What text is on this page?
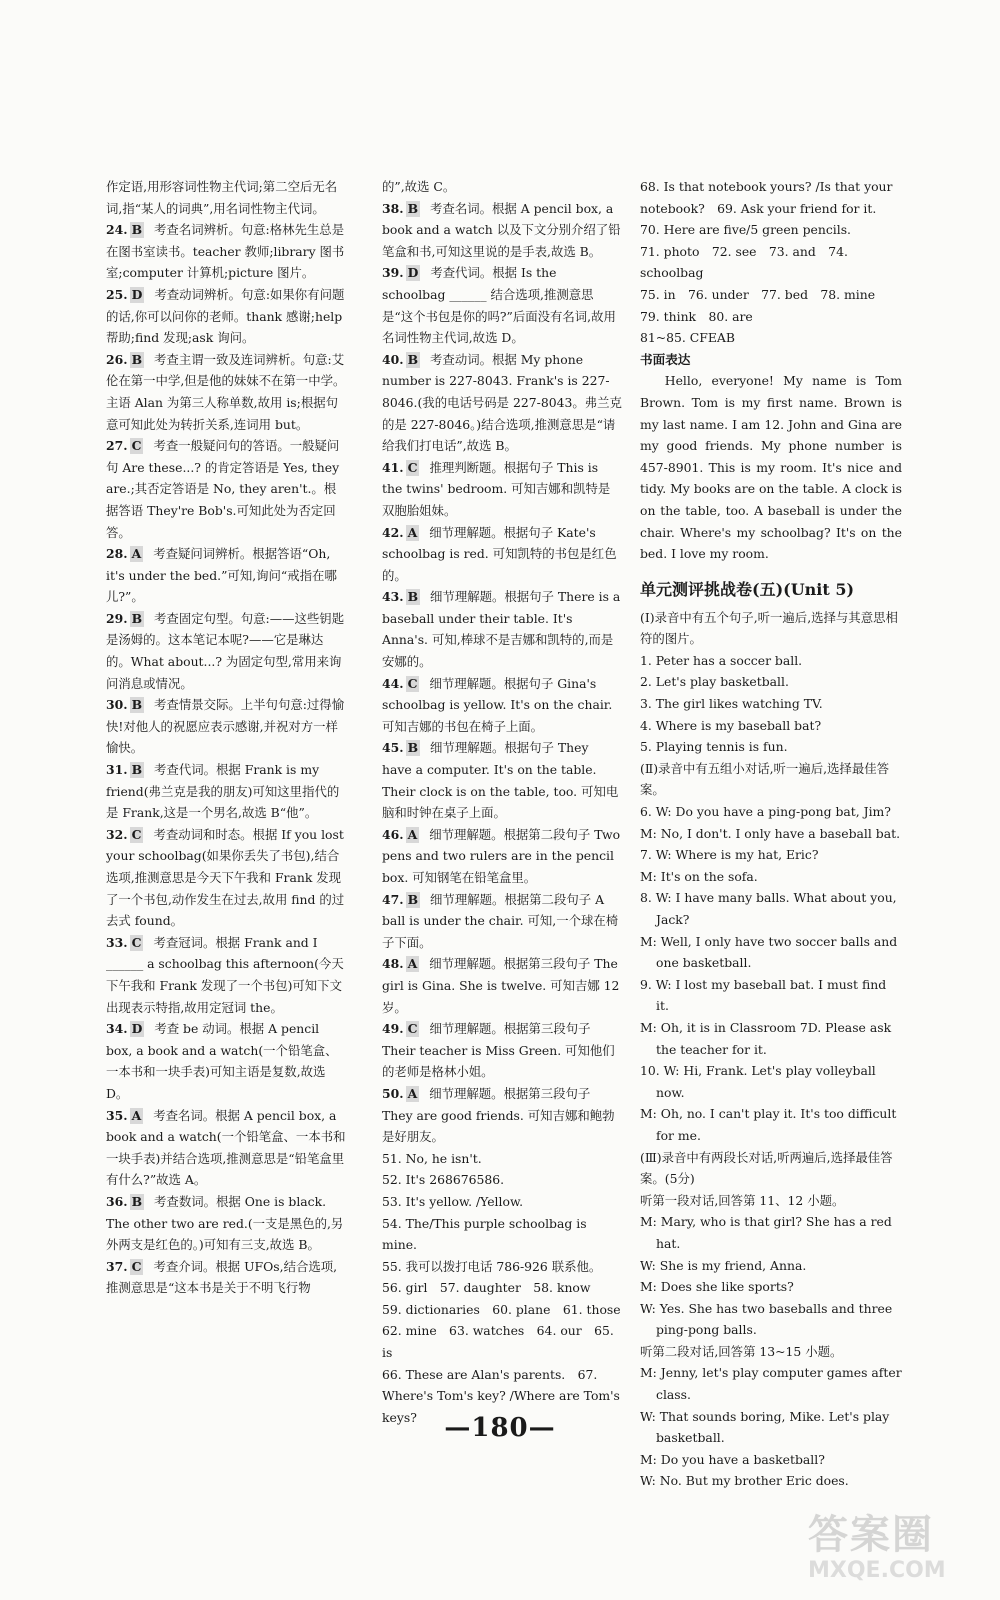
作定语,用形容词性物主代词;第二空后无名词,指“某人的词典”,用名词性物主代词。

24. B 考查名词辨析。句意:格林先生总是在图书室读书。teacher 教师;library 图书室;computer 计算机;picture 图片。
25. D 考查动词辨析。句意:如果你有问题的话,你可以问你的老师。thank 感谢;help 帮助;find 发现;ask 询问。
26. B 考查主谓一致及连词辨析。句意:艾伦在第一中学,但是他的妹妹不在第一中学。主语 Alan 为第三人称单数,故用 is;根据句意可知此处为转折关系,连词用 but。
27. C 考查一般疑问句的答语。一般疑问句 Are these...? 的肯定答语是 Yes, they are.;其否定答语是 No, they aren't.。根据答语 They're Bob's.可知此处为否定回答。
28. A 考查疑问词辨析。根据答语“Oh, it's under the bed.”可知,询问“戒指在哪儿?”。
29. B 考查固定句型。句意:——这些钥匙是汤姆的。这本笔记本呢?——它是琳达的。What about...? 为固定句型,常用来询问消息或情况。
30. B 考查情景交际。上半句句意:过得愉快!对他人的祝愿应表示感谢,并祝对方一样愉快。
31. B 考查代词。根据 Frank is my friend(弗兰克是我的朋友)可知这里指代的是 Frank,这是一个男名,故选 B“他”。
32. C 考查动词和时态。根据 If you lost your schoolbag(如果你丢失了书包),结合选项,推测意思是今天下午我和 Frank 发现了一个书包,动作发生在过去,故用 find 的过去式 found。
33. C 考查冠词。根据 Frank and I ______ a schoolbag this afternoon(今天下午我和 Frank 发现了一个书包)可知下文出现表示特指,故用定冠词 the。
34. D 考查 be 动词。根据 A pencil box, a book and a watch(一个铅笔盒、一本书和一块手表)可知主语是复数,故选 D。
35. A 考查名词。根据 A pencil box, a book and a watch(一个铅笔盒、一本书和一块手表)并结合选项,推测意思是“铅笔盒里有什么?”故选 A。
36. B 考查数词。根据 One is black. The other two are red.(一支是黑色的,另外两支是红色的。)可知有三支,故选 B。
37. C 考查介词。根据 UFOs,结合选项,推测意思是“这本书是关于不明飞行物

的”,故选 C。

38. B 考查名词。根据 A pencil box, a book and a watch 以及下文分别介绍了铅笔盒和书,可知这里说的是手表,故选 B。
39. D 考查代词。根据 Is the schoolbag ______ 结合选项,推测意思是“这个书包是你的吗?”后面没有名词,故用名词性物主代词,故选 D。
40. B 考查动词。根据 My phone number is 227-8043. Frank's is 227-8046.(我的电话号码是 227-8043。弗兰克的是 227-8046。)结合选项,推测意思是“请给我们打电话”,故选 B。
41. C 推理判断题。根据句子 This is the twins' bedroom. 可知吉娜和凯特是双胞胎姐妹。
42. A 细节理解题。根据句子 Kate's schoolbag is red. 可知凯特的书包是红色的。
43. B 细节理解题。根据句子 There is a baseball under their table. It's Anna's. 可知,棒球不是吉娜和凯特的,而是安娜的。
44. C 细节理解题。根据句子 Gina's schoolbag is yellow. It's on the chair. 可知吉娜的书包在椅子上面。
45. B 细节理解题。根据句子 They have a computer. It's on the table. Their clock is on the table, too. 可知电脑和时钟在桌子上面。
46. A 细节理解题。根据第二段句子 Two pens and two rulers are in the pencil box. 可知钢笔在铅笔盒里。
47. B 细节理解题。根据第二段句子 A ball is under the chair. 可知,一个球在椅子下面。
48. A 细节理解题。根据第三段句子 The girl is Gina. She is twelve. 可知吉娜 12 岁。
49. C 细节理解题。根据第三段句子 Their teacher is Miss Green. 可知他们的老师是格林小姐。
50. A 细节理解题。根据第三段句子 They are good friends. 可知吉娜和鲍勃是好朋友。
51. No, he isn't.
52. It's 268676586.
53. It's yellow. /Yellow.
54. The/This purple schoolbag is mine.
55. 我可以拨打电话 786-926 联系他。
56. girl　57. daughter　58. know
59. dictionaries　60. plane　61. those
62. mine　63. watches　64. our　65. is
66. These are Alan's parents.　67. Where's Tom's key? /Where are Tom's keys?
68. Is that notebook yours? /Is that your notebook?　69. Ask your friend for it.
70. Here are five/5 green pencils.
71. photo　72. see　73. and　74. schoolbag
75. in　76. under　77. bed　78. mine
79. think　80. are
81~85. CFEAB
书面表达

Hello, everyone! My name is Tom Brown. Tom is my first name. Brown is my last name. I am 12. John and Gina are my good friends. My phone number is 457-8901. This is my room. It's nice and tidy. My books are on the table. A clock is on the table, too. A baseball is under the chair. Where's my schoolbag? It's on the bed. I love my room.

单元测评挑战卷(五)(Unit 5)

(Ⅰ)录音中有五个句子,听一遍后,选择与其意思相符的图片。

1. Peter has a soccer ball.
2. Let's play basketball.
3. The girl likes watching TV.
4. Where is my baseball bat?
5. Playing tennis is fun.

(Ⅱ)录音中有五组小对话,听一遍后,选择最佳答案。

6. W: Do you have a ping-pong bat, Jim?
M: No, I don't. I only have a baseball bat.
7. W: Where is my hat, Eric?
M: It's on the sofa.
8. W: I have many balls. What about you, Jack?
M: Well, I only have two soccer balls and one basketball.
9. W: I lost my baseball bat. I must find it.
M: Oh, it is in Classroom 7D. Please ask the teacher for it.
10. W: Hi, Frank. Let's play volleyball now.
M: Oh, no. I can't play it. It's too difficult for me.

(Ⅲ)录音中有两段长对话,听两遍后,选择最佳答案。(5分)

听第一段对话,回答第 11、12 小题。

M: Mary, who is that girl? She has a red hat.
W: She is my friend, Anna.
M: Does she like sports?
W: Yes. She has two baseballs and three ping-pong balls.

听第二段对话,回答第 13~15 小题。

M: Jenny, let's play computer games after class.
W: That sounds boring, Mike. Let's play basketball.
M: Do you have a basketball?
W: No. But my brother Eric does.
—180—
答案圈
MXQE.COM
